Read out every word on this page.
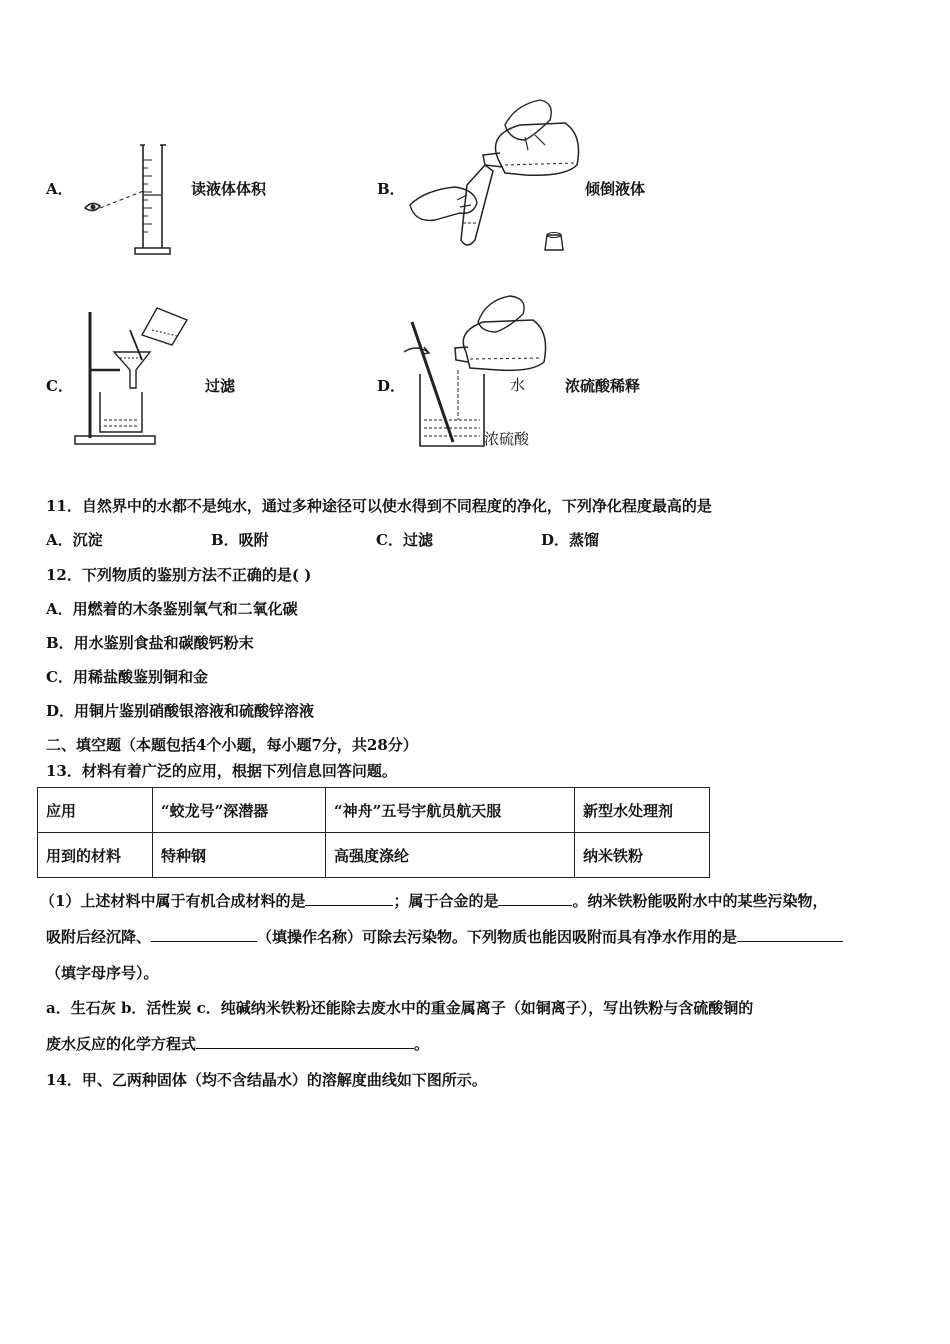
A．	读液体体积	B．	倾倒液体
C．	过滤	D．	水
浓硫酸
浓硫酸稀释
11．自然界中的水都不是纯水，通过多种途径可以使水得到不同程度的净化，下列净化程度最高的是
A．沉淀	B．吸附	C．过滤	D．蒸馏
12．下列物质的鉴别方法不正确的是( )
A．用燃着的木条鉴别氧气和二氧化碳
B．用水鉴别食盐和碳酸钙粉末
C．用稀盐酸鉴别铜和金
D．用铜片鉴别硝酸银溶液和硫酸锌溶液
二、填空题（本题包括4个小题，每小题7分，共28分）
13．材料有着广泛的应用，根据下列信息回答问题。
应用	“蛟龙号”深潜器	“神舟”五号宇航员航天服	新型水处理剂
用到的材料	特种钢	高强度涤纶	纳米铁粉
（1）上述材料中属于有机合成材料的是	；属于合金的是	。纳米铁粉能吸附水中的某些污染物，
吸附后经沉降、	（填操作名称）可除去污染物。下列物质也能因吸附而具有净水作用的是
（填字母序号）。
a．生石灰 b．活性炭 c．纯碱纳米铁粉还能除去废水中的重金属离子（如铜离子），写出铁粉与含硫酸铜的
废水反应的化学方程式	。
14．甲、乙两种固体（均不含结晶水）的溶解度曲线如下图所示。
